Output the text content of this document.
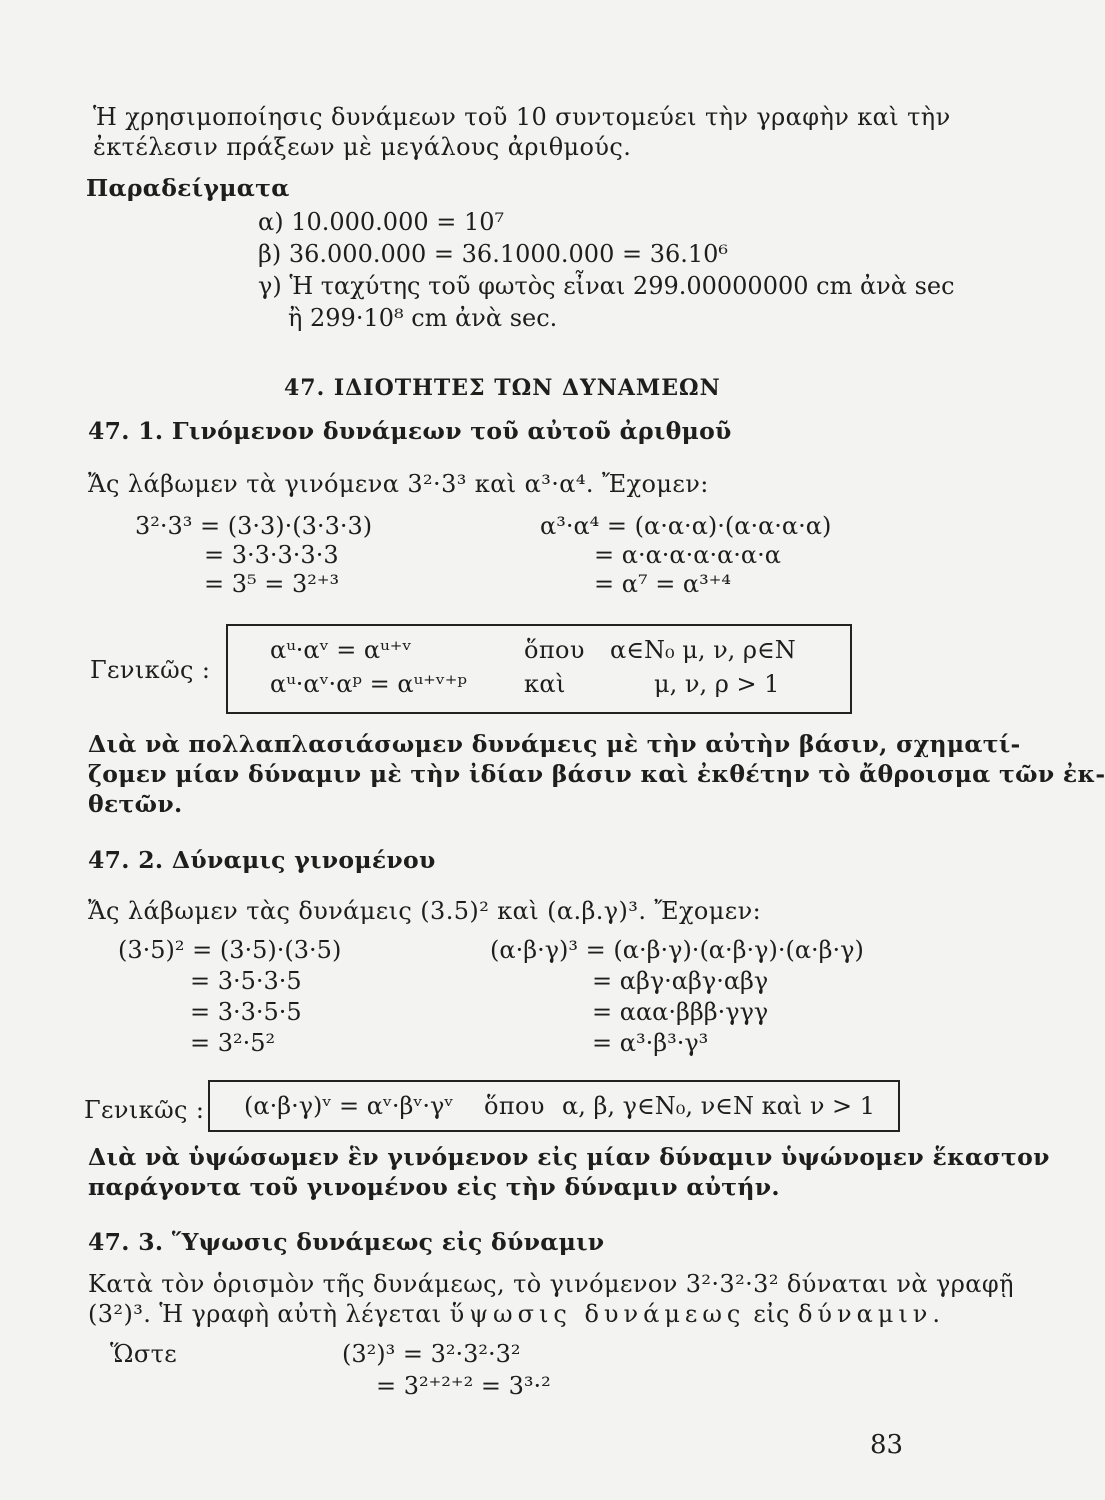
Ἡ χρησιμοποίησις δυνάμεων τοῦ 10 συντομεύει τὴν γραφὴν καὶ τὴν
ἐκτέλεσιν πράξεων μὲ μεγάλους ἀριθμούς.
Παραδείγματα
α) 10.000.000 = 10⁷
β) 36.000.000 = 36.1000.000 = 36.10⁶
γ) Ἡ ταχύτης τοῦ φωτὸς εἶναι 299.00000000 cm ἀνὰ sec
ἢ 299·10⁸ cm ἀνὰ sec.
47. ΙΔΙΟΤΗΤΕΣ ΤΩΝ ΔΥΝΑΜΕΩΝ
47. 1. Γινόμενον δυνάμεων τοῦ αὐτοῦ ἀριθμοῦ
Ἄς λάβωμεν τὰ γινόμενα 3²·3³ καὶ α³·α⁴. Ἔχομεν:
3²·3³ = (3·3)·(3·3·3)
= 3·3·3·3·3
= 3⁵ = 3²⁺³
α³·α⁴ = (α·α·α)·(α·α·α·α)
= α·α·α·α·α·α·α
= α⁷ = α³⁺⁴
Γενικῶς :
αᵘ·αᵛ = αᵘ⁺ᵛ
αᵘ·αᵛ·αᵖ = αᵘ⁺ᵛ⁺ᵖ
ὅπου
καὶ
α∈N₀ μ, ν, ρ∈N
μ, ν, ρ > 1
Διὰ νὰ πολλαπλασιάσωμεν δυνάμεις μὲ τὴν αὐτὴν βάσιν, σχηματί-
ζομεν μίαν δύναμιν μὲ τὴν ἰδίαν βάσιν καὶ ἐκθέτην τὸ ἄθροισμα τῶν ἐκ-
θετῶν.
47. 2. Δύναμις γινομένου
Ἄς λάβωμεν τὰς δυνάμεις (3.5)² καὶ (α.β.γ)³. Ἔχομεν:
(3·5)² = (3·5)·(3·5)
= 3·5·3·5
= 3·3·5·5
= 3²·5²
(α·β·γ)³ = (α·β·γ)·(α·β·γ)·(α·β·γ)
= αβγ·αβγ·αβγ
= ααα·βββ·γγγ
= α³·β³·γ³
Γενικῶς : (α·β·γ)ᵛ = αᵛ·βᵛ·γᵛ ὅπου α, β, γ∈N₀, ν∈N καὶ ν > 1
Διὰ νὰ ὑψώσωμεν ἓν γινόμενον εἰς μίαν δύναμιν ὑψώνομεν ἕκαστον
παράγοντα τοῦ γινομένου εἰς τὴν δύναμιν αὐτήν.
47. 3. Ὕψωσις δυνάμεως εἰς δύναμιν
Κατὰ τὸν ὁρισμὸν τῆς δυνάμεως, τὸ γινόμενον 3²·3²·3² δύναται νὰ γραφῇ
(3²)³. Ἡ γραφὴ αὐτὴ λέγεται ὕψωσις δυνάμεως εἰς δύναμιν.
Ὥστε	(3²)³ = 3²·3²·3²
= 3²⁺²⁺² = 3³·²
83
